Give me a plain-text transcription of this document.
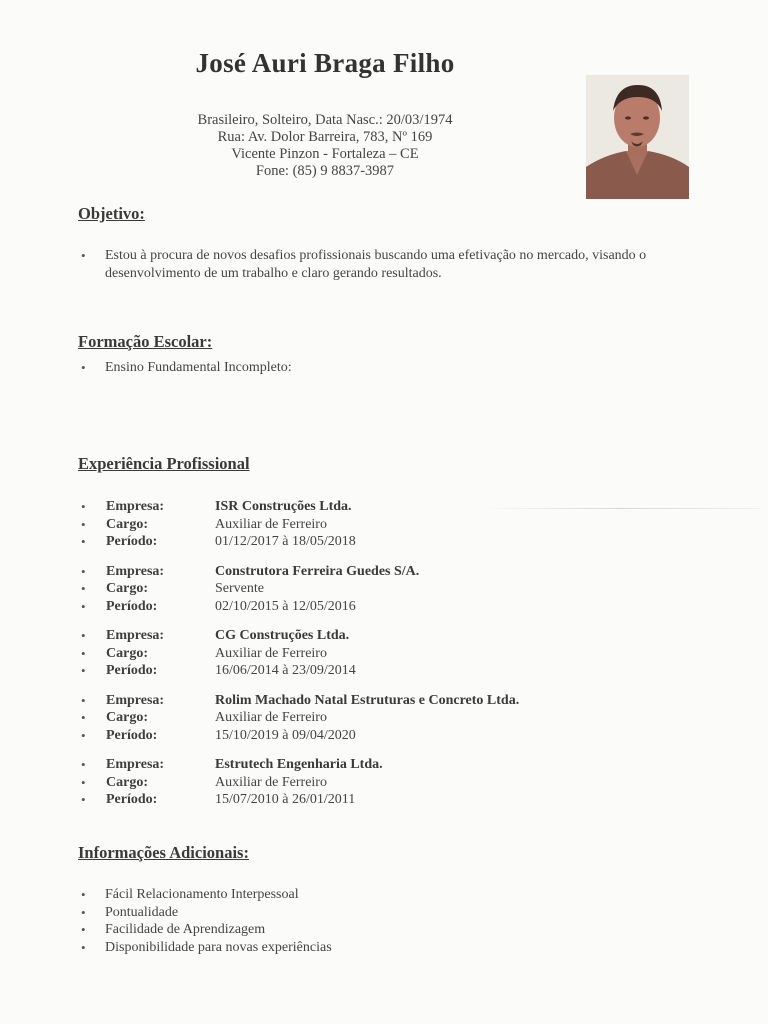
José Auri Braga Filho
Brasileiro, Solteiro, Data Nasc.: 20/03/1974
Rua: Av. Dolor Barreira, 783, Nº 169
Vicente Pinzon - Fortaleza – CE
Fone: (85) 9 8837-3987
Objetivo:
• Estou à procura de novos desafios profissionais buscando uma efetivação no mercado, visando o desenvolvimento de um trabalho e claro gerando resultados.
Formação Escolar:
• Ensino Fundamental Incompleto:
Experiência Profissional
• Empresa:	ISR Construções Ltda.
• Cargo:	Auxiliar de Ferreiro
• Período:	01/12/2017 à 18/05/2018
• Empresa:	Construtora Ferreira Guedes S/A.
• Cargo:	Servente
• Período:	02/10/2015 à 12/05/2016
• Empresa:	CG Construções Ltda.
• Cargo:	Auxiliar de Ferreiro
• Período:	16/06/2014 à 23/09/2014
• Empresa:	Rolim Machado Natal Estruturas e Concreto Ltda.
• Cargo:	Auxiliar de Ferreiro
• Período:	15/10/2019 à 09/04/2020
• Empresa:	Estrutech Engenharia Ltda.
• Cargo:	Auxiliar de Ferreiro
• Período:	15/07/2010 à 26/01/2011
Informações Adicionais:
• Fácil Relacionamento Interpessoal
• Pontualidade
• Facilidade de Aprendizagem
• Disponibilidade para novas experiências
